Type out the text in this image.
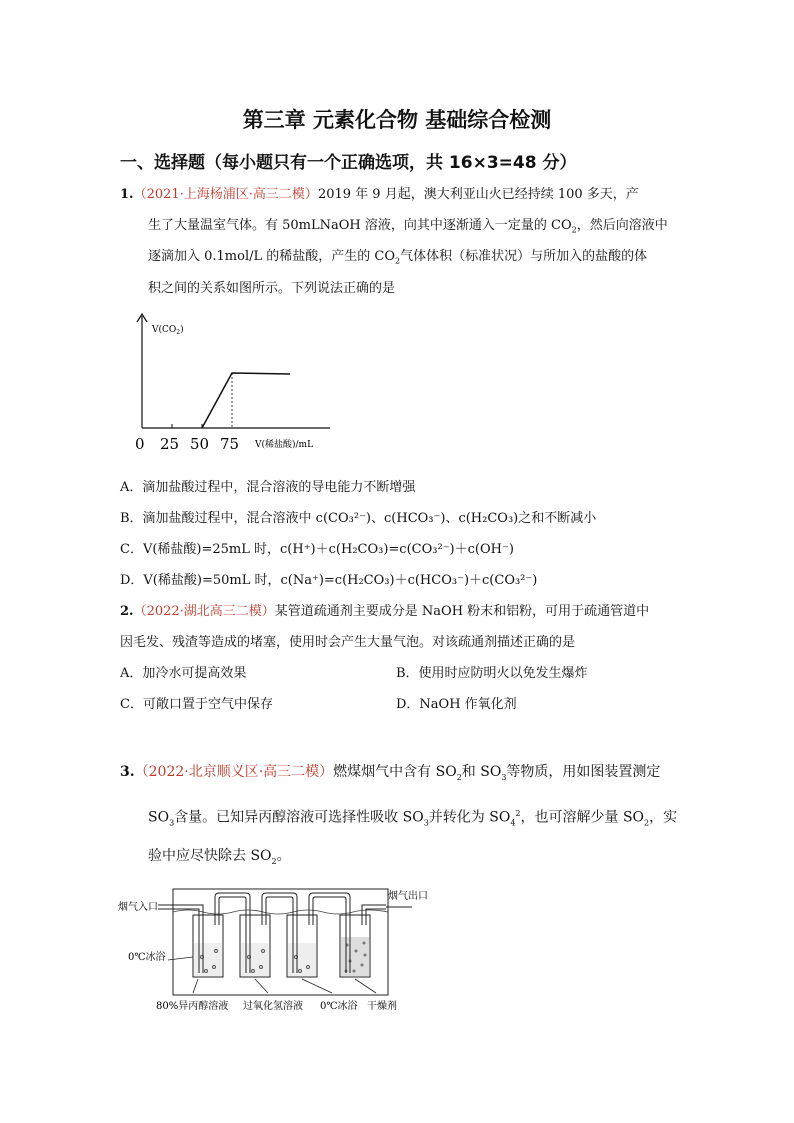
第三章 元素化合物 基础综合检测
一、选择题（每小题只有一个正确选项，共 16×3=48 分）
1.（2021·上海杨浦区·高三二模）2019 年 9 月起，澳大利亚山火已经持续 100 多天，产
生了大量温室气体。有 50mLNaOH 溶液，向其中逐渐通入一定量的 $CO_2$，然后向溶液中
逐滴加入 0.1mol/L 的稀盐酸，产生的 $CO_2$气体体积（标准状况）与所加入的盐酸的体
积之间的关系如图所示。下列说法正确的是
$V(CO_2)$
0 25 50 75 V(稀盐酸)/mL
A．滴加盐酸过程中，混合溶液的导电能力不断增强
B．滴加盐酸过程中，混合溶液中 c(CO₃²⁻)、c(HCO₃⁻)、c(H₂CO₃)之和不断减小
C．V(稀盐酸)=25mL 时，c(H⁺)＋c(H₂CO₃)=c(CO₃²⁻)＋c(OH⁻)
D．V(稀盐酸)=50mL 时，c(Na⁺)=c(H₂CO₃)＋c(HCO₃⁻)＋c(CO₃²⁻)
2.（2022·湖北高三二模）某管道疏通剂主要成分是 NaOH 粉末和铝粉，可用于疏通管道中
因毛发、残渣等造成的堵塞，使用时会产生大量气泡。对该疏通剂描述正确的是
A．加冷水可提高效果	B．使用时应防明火以免发生爆炸
C．可敞口置于空气中保存	D．NaOH 作氧化剂
3.（2022·北京顺义区·高三二模）燃煤烟气中含有 $SO_2$和 $SO_3$等物质，用如图装置测定
$SO_3$含量。已知异丙醇溶液可选择性吸收 $SO_3$并转化为 $SO_4^2$，也可溶解少量 $SO_2$，实
验中应尽快除去 $SO_2$。
烟气入口
烟气出口
0℃冰浴
80%异丙醇溶液 过氧化氢溶液 0℃冰浴 干燥剂
